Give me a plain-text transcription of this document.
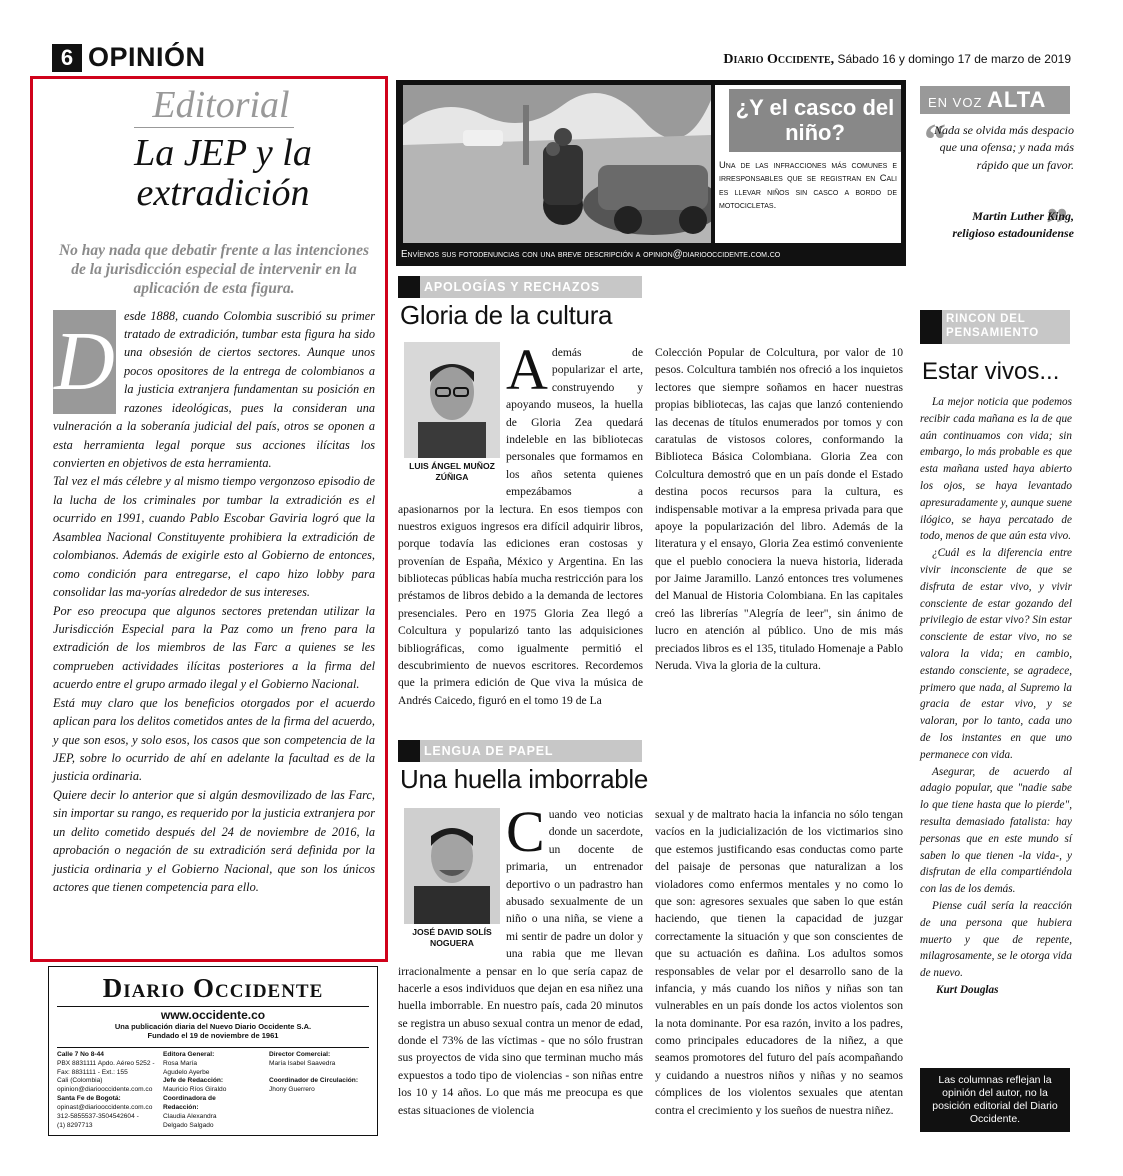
6 OPINIÓN	Diario Occidente, Sábado 16 y domingo 17 de marzo de 2019
Editorial
La JEP y la extradición
No hay nada que debatir frente a las intenciones de la jurisdicción especial de intervenir en la aplicación de esta figura.
D esde 1888, cuando Colombia suscribió su primer tratado de extradición, tumbar esta figura ha sido una obsesión de ciertos sectores. Aunque unos pocos opositores de la entrega de colombianos a la justicia extranjera fundamentan su posición en razones ideológicas, pues la consideran una vulneración a la soberanía judicial del país, otros se oponen a esta herramienta legal porque sus acciones ilícitas los convierten en objetivos de esta herramienta.

Tal vez el más célebre y al mismo tiempo vergonzoso episodio de la lucha de los criminales por tumbar la extradición es el ocurrido en 1991, cuando Pablo Escobar Gaviria logró que la Asamblea Nacional Constituyente prohibiera la extradición de colombianos. Además de exigirle esto al Gobierno de entonces, como condición para entregarse, el capo hizo lobby para consolidar las ma-yorías alrededor de sus intereses.

Por eso preocupa que algunos sectores pretendan utilizar la Jurisdicción Especial para la Paz como un freno para la extradición de los miembros de las Farc a quienes se les comprueben actividades ilícitas posteriores a la firma del acuerdo entre el grupo armado ilegal y el Gobierno Nacional.

Está muy claro que los beneficios otorgados por el acuerdo aplican para los delitos cometidos antes de la firma del acuerdo, y que son esos, y solo esos, los casos que son competencia de la JEP, sobre lo ocurrido de ahí en adelante la facultad es de la justicia ordinaria.

Quiere decir lo anterior que si algún desmovilizado de las Farc, sin importar su rango, es requerido por la justicia extranjera por un delito cometido después del 24 de noviembre de 2016, la aprobación o negación de su extradición será definida por la justicia ordinaria y el Gobierno Nacional, que son los únicos actores que tienen competencia para ello.

Diario Occidente
www.occidente.co
Una publicación diaria del Nuevo Diario Occidente S.A.
Fundado el 19 de noviembre de 1961
Calle 7 No 8-44
PBX 8831111 Apdo. Aéreo 5252 -
Fax: 8831111 - Ext.: 155
Cali (Colombia)
opinion@diariooccidente.com.co
Santa Fe de Bogotá:
opinast@diariooccidente.com.co
312-5855537-3504542604 -
(1) 8297713
Editora General:
Rosa María
Agudelo Ayerbe
Jefe de Redacción:
Mauricio Ríos Giraldo
Coordinadora de
Redacción:
Claudia Alexandra
Delgado Salgado
Director Comercial:
María Isabel Saavedra

Coordinador de Circulación:
Jhony Guerrero
¿Y el casco del niño?
Una de las infracciones más comunes e irresponsables que se registran en Cali es llevar niños sin casco a bordo de motocicletas.
Envíenos sus fotodenuncias con una breve descripción a opinion@diariooccidente.com.co
APOLOGÍAS Y RECHAZOS
Gloria de la cultura
LUIS ÁNGEL MUÑOZ ZÚÑIGA
Además de popularizar el arte, construyendo y apoyando museos, la huella de Gloria Zea quedará indeleble en las bibliotecas personales que formamos en los años setenta quienes empezábamos a apasionarnos por la lectura. En esos tiempos con nuestros exiguos ingresos era difícil adquirir libros, porque todavía las ediciones eran costosas y provenían de España, México y Argentina. En las bibliotecas públicas había mucha restricción para los préstamos de libros debido a la demanda de lectores presenciales. Pero en 1975 Gloria Zea llegó a Colcultura y popularizó tanto las adquisiciones bibliográficas, como igualmente permitió el descubrimiento de nuevos escritores. Recordemos que la primera edición de Que viva la música de Andrés Caicedo, figuró en el tomo 19 de La
Colección Popular de Colcultura, por valor de 10 pesos. Colcultura también nos ofreció a los inquietos lectores que siempre soñamos en hacer nuestras propias bibliotecas, las cajas que lanzó conteniendo las decenas de títulos enumerados por tomos y con caratulas de vistosos colores, conformando la Biblioteca Básica Colombiana. Gloria Zea con Colcultura demostró que en un país donde el Estado destina pocos recursos para la cultura, es indispensable motivar a la empresa privada para que apoye la popularización del libro. Además de la literatura y el ensayo, Gloria Zea estimó conveniente que el pueblo conociera la nueva historia, liderada por Jaime Jaramillo. Lanzó entonces tres volumenes del Manual de Historia Colombiana. En las capitales creó las librerías "Alegría de leer", sin ánimo de lucro en atención al público. Uno de mis más preciados libros es el 135, titulado Homenaje a Pablo Neruda. Viva la gloria de la cultura.
LENGUA DE PAPEL
Una huella imborrable
JOSÉ DAVID SOLÍS NOGUERA
Cuando veo noticias donde un sacerdote, un docente de primaria, un entrenador deportivo o un padrastro han abusado sexualmente de un niño o una niña, se viene a mi sentir de padre un dolor y una rabia que me llevan irracionalmente a pensar en lo que sería capaz de hacerle a esos individuos que dejan en esa niñez una huella imborrable. En nuestro país, cada 20 minutos se registra un abuso sexual contra un menor de edad, donde el 73% de las víctimas - que no sólo frustran sus proyectos de vida sino que terminan mucho más expuestos a todo tipo de violencias - son niñas entre los 10 y 14 años. Lo que más me preocupa es que estas situaciones de violencia
sexual y de maltrato hacia la infancia no sólo tengan vacíos en la judicialización de los victimarios sino que estemos justificando esas conductas como parte del paisaje de personas que naturalizan a los violadores como enfermos mentales y no como lo que son: agresores sexuales que saben lo que están haciendo, que tienen la capacidad de juzgar correctamente la situación y que son conscientes de que su actuación es dañina. Los adultos somos responsables de velar por el desarrollo sano de la infancia, y más cuando los niños y niñas son tan vulnerables en un país donde los actos violentos son la nota dominante. Por esa razón, invito a los padres, como principales educadores de la niñez, a que seamos promotores del futuro del país acompañando y cuidando a nuestros niños y niñas y no seamos cómplices de los violentos sexuales que atentan contra el crecimiento y los sueños de nuestra niñez.
EN VOZ ALTA
“
Nada se olvida más despacio que una ofensa; y nada más rápido que un favor.
”
Martin Luther King,
religioso estadounidense
RINCON DEL PENSAMIENTO
Estar vivos...

La mejor noticia que podemos recibir cada mañana es la de que aún continuamos con vida; sin embargo, lo más probable es que esta mañana usted haya abierto los ojos, se haya levantado apresuradamente y, aunque suene ilógico, se haya percatado de todo, menos de que aún esta vivo.

¿Cuál es la diferencia entre vivir inconsciente de que se disfruta de estar vivo, y vivir consciente de estar gozando del privilegio de estar vivo? Sin estar consciente de estar vivo, no se valora la vida; en cambio, estando consciente, se agradece, primero que nada, al Supremo la gracia de estar vivo, y se valoran, por lo tanto, cada uno de los instantes en que uno permanece con vida.

Asegurar, de acuerdo al adagio popular, que "nadie sabe lo que tiene hasta que lo pierde", resulta demasiado fatalista: hay personas que en este mundo sí saben lo que tienen -la vida-, y disfrutan de ella compartiéndola con las de los demás.

Piense cuál sería la reacción de una persona que hubiera muerto y que de repente, milagrosamente, se le otorga vida de nuevo.

Kurt Douglas

Las columnas reflejan la opinión del autor, no la posición editorial del Diario Occidente.
